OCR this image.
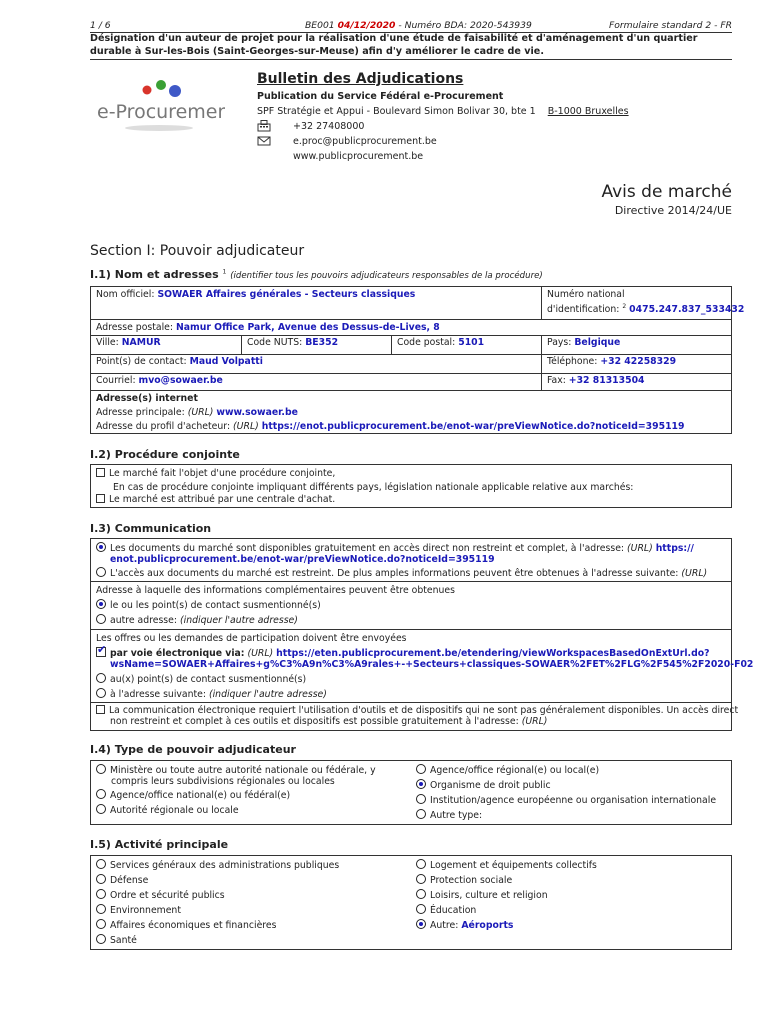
1 / 6	BE001 04/12/2020 - Numéro BDA: 2020-543939	Formulaire standard 2 - FR
Désignation d'un auteur de projet pour la réalisation d'une étude de faisabilité et d'aménagement d'un quartier durable à Sur-les-Bois (Saint-Georges-sur-Meuse) afin d'y améliorer le cadre de vie.
e-Procurement
Bulletin des Adjudications
Publication du Service Fédéral e-Procurement
SPF Stratégie et Appui - Boulevard Simon Bolivar 30, bte 1 B-1000 Bruxelles
+32 27408000
e.proc@publicprocurement.be
www.publicprocurement.be
Avis de marché
Directive 2014/24/UE
Section I: Pouvoir adjudicateur
I.1) Nom et adresses $^1$ (identifier tous les pouvoirs adjudicateurs responsables de la procédure)
Nom officiel: SOWAER Affaires générales - Secteurs classiques	Numéro national
d'identification: $^2$ 0475.247.837_533432
Adresse postale: Namur Office Park, Avenue des Dessus-de-Lives, 8
Ville: NAMUR	Code NUTS: BE352	Code postal: 5101	Pays: Belgique
Point(s) de contact: Maud Volpatti	Téléphone: +32 42258329
Courriel: mvo@sowaer.be	Fax: +32 81313504
Adresse(s) internet
Adresse principale: (URL) www.sowaer.be
Adresse du profil d'acheteur: (URL) https://enot.publicprocurement.be/enot-war/preViewNotice.do?noticeId=395119
I.2) Procédure conjointe
Le marché fait l'objet d'une procédure conjointe,
En cas de procédure conjointe impliquant différents pays, législation nationale applicable relative aux marchés:
Le marché est attribué par une centrale d'achat.
I.3) Communication
Les documents du marché sont disponibles gratuitement en accès direct non restreint et complet, à l'adresse: (URL) https://
enot.publicprocurement.be/enot-war/preViewNotice.do?noticeId=395119
L'accès aux documents du marché est restreint. De plus amples informations peuvent être obtenues à l'adresse suivante: (URL)
Adresse à laquelle des informations complémentaires peuvent être obtenues
le ou les point(s) de contact susmentionné(s)
autre adresse: (indiquer l'autre adresse)
Les offres ou les demandes de participation doivent être envoyées
✔par voie électronique via: (URL) https://eten.publicprocurement.be/etendering/viewWorkspacesBasedOnExtUrl.do?
wsName=SOWAER+Affaires+g%C3%A9n%C3%A9rales+-+Secteurs+classiques-SOWAER%2FET%2FLG%2F545%2F2020-F02
au(x) point(s) de contact susmentionné(s)
à l'adresse suivante: (indiquer l'autre adresse)
La communication électronique requiert l'utilisation d'outils et de dispositifs qui ne sont pas généralement disponibles. Un accès direct
non restreint et complet à ces outils et dispositifs est possible gratuitement à l'adresse: (URL)
I.4) Type de pouvoir adjudicateur
Ministère ou toute autre autorité nationale ou fédérale, y
compris leurs subdivisions régionales ou locales
Agence/office national(e) ou fédéral(e)
Autorité régionale ou locale
Agence/office régional(e) ou local(e)
Organisme de droit public
Institution/agence européenne ou organisation internationale
Autre type:
I.5) Activité principale
Services généraux des administrations publiques
Défense
Ordre et sécurité publics
Environnement
Affaires économiques et financières
Santé
Logement et équipements collectifs
Protection sociale
Loisirs, culture et religion
Éducation
Autre: Aéroports
